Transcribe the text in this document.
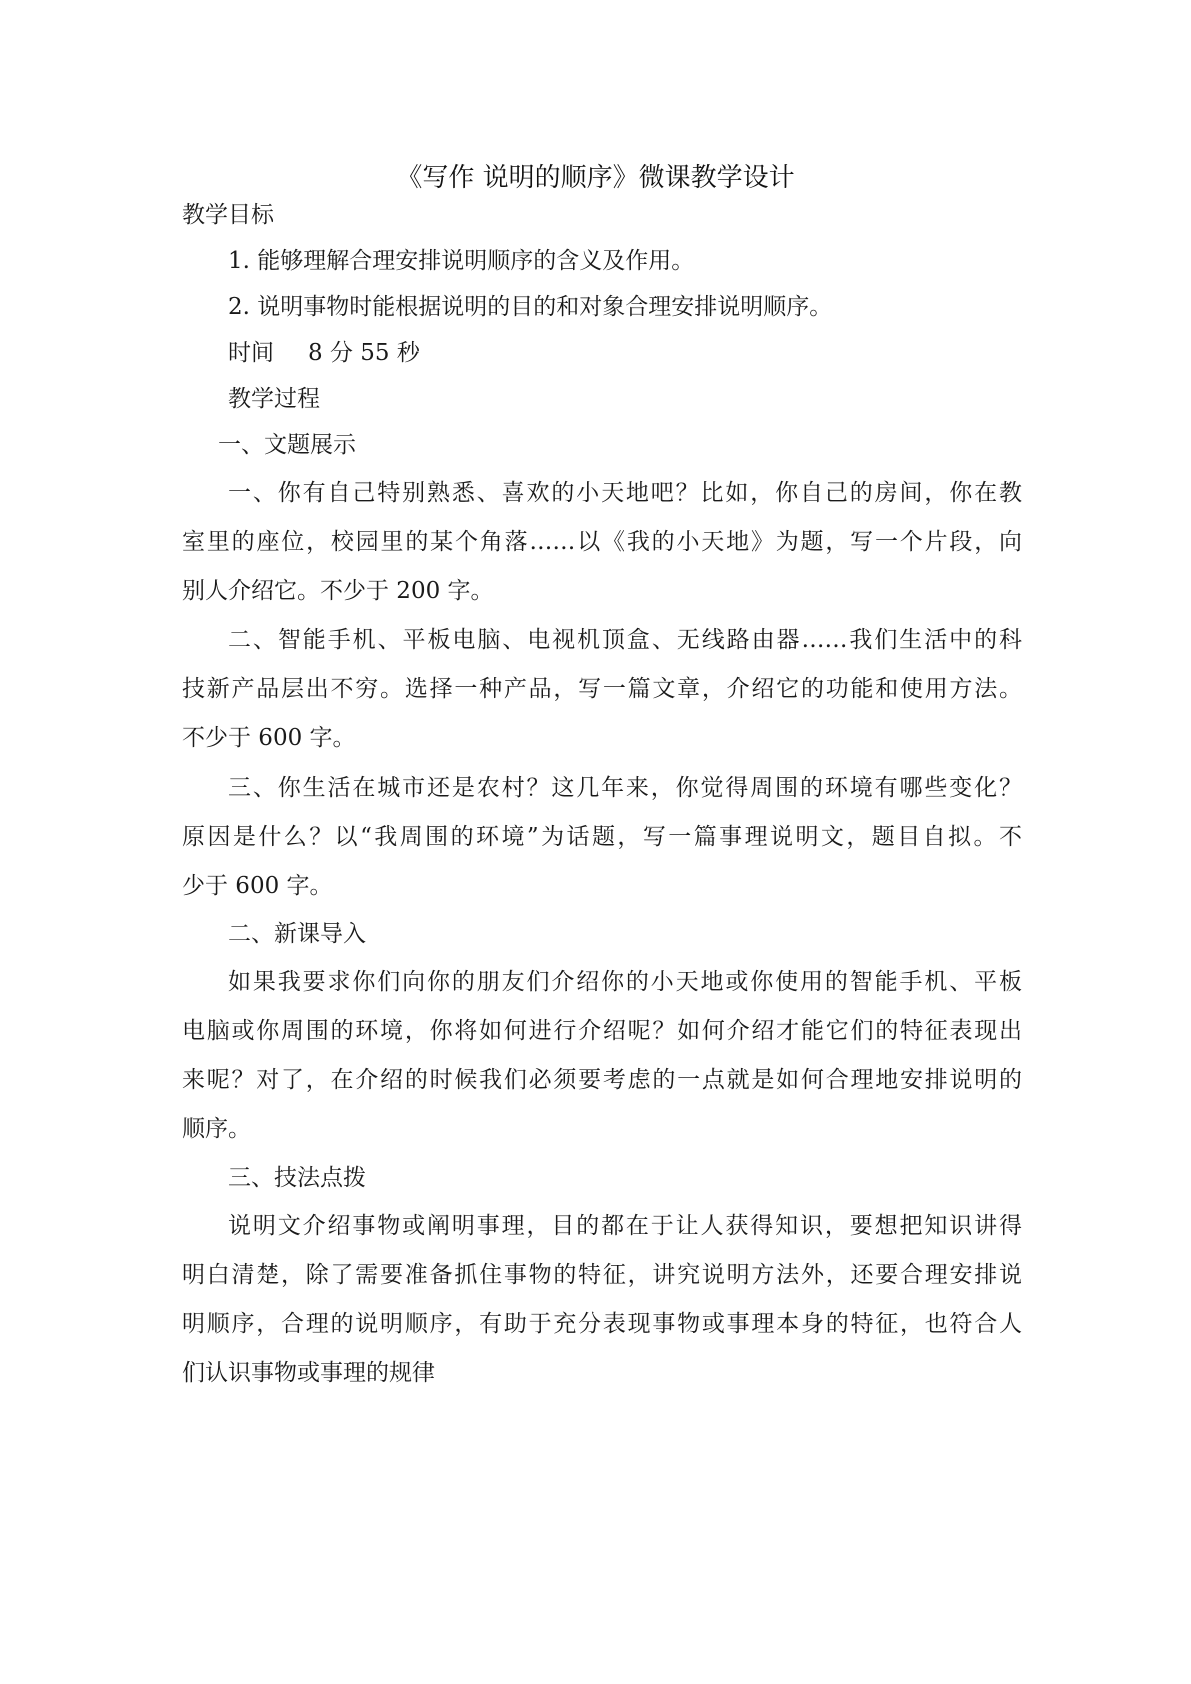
《写作 说明的顺序》微课教学设计
教学目标
1. 能够理解合理安排说明顺序的含义及作用。
2. 说明事物时能根据说明的目的和对象合理安排说明顺序。
时间 8 分 55 秒
教学过程
一、文题展示
一、你有自己特别熟悉、喜欢的小天地吧？比如，你自己的房间，你在教
室里的座位，校园里的某个角落……以《我的小天地》为题，写一个片段，向
别人介绍它。不少于 200 字。
二、智能手机、平板电脑、电视机顶盒、无线路由器……我们生活中的科
技新产品层出不穷。选择一种产品，写一篇文章，介绍它的功能和使用方法。
不少于 600 字。
三、你生活在城市还是农村？这几年来，你觉得周围的环境有哪些变化？
原因是什么？以“我周围的环境”为话题，写一篇事理说明文，题目自拟。不
少于 600 字。
二、新课导入
如果我要求你们向你的朋友们介绍你的小天地或你使用的智能手机、平板
电脑或你周围的环境，你将如何进行介绍呢？如何介绍才能它们的特征表现出
来呢？对了，在介绍的时候我们必须要考虑的一点就是如何合理地安排说明的
顺序。
三、技法点拨
说明文介绍事物或阐明事理，目的都在于让人获得知识，要想把知识讲得
明白清楚，除了需要准备抓住事物的特征，讲究说明方法外，还要合理安排说
明顺序，合理的说明顺序，有助于充分表现事物或事理本身的特征，也符合人
们认识事物或事理的规律
